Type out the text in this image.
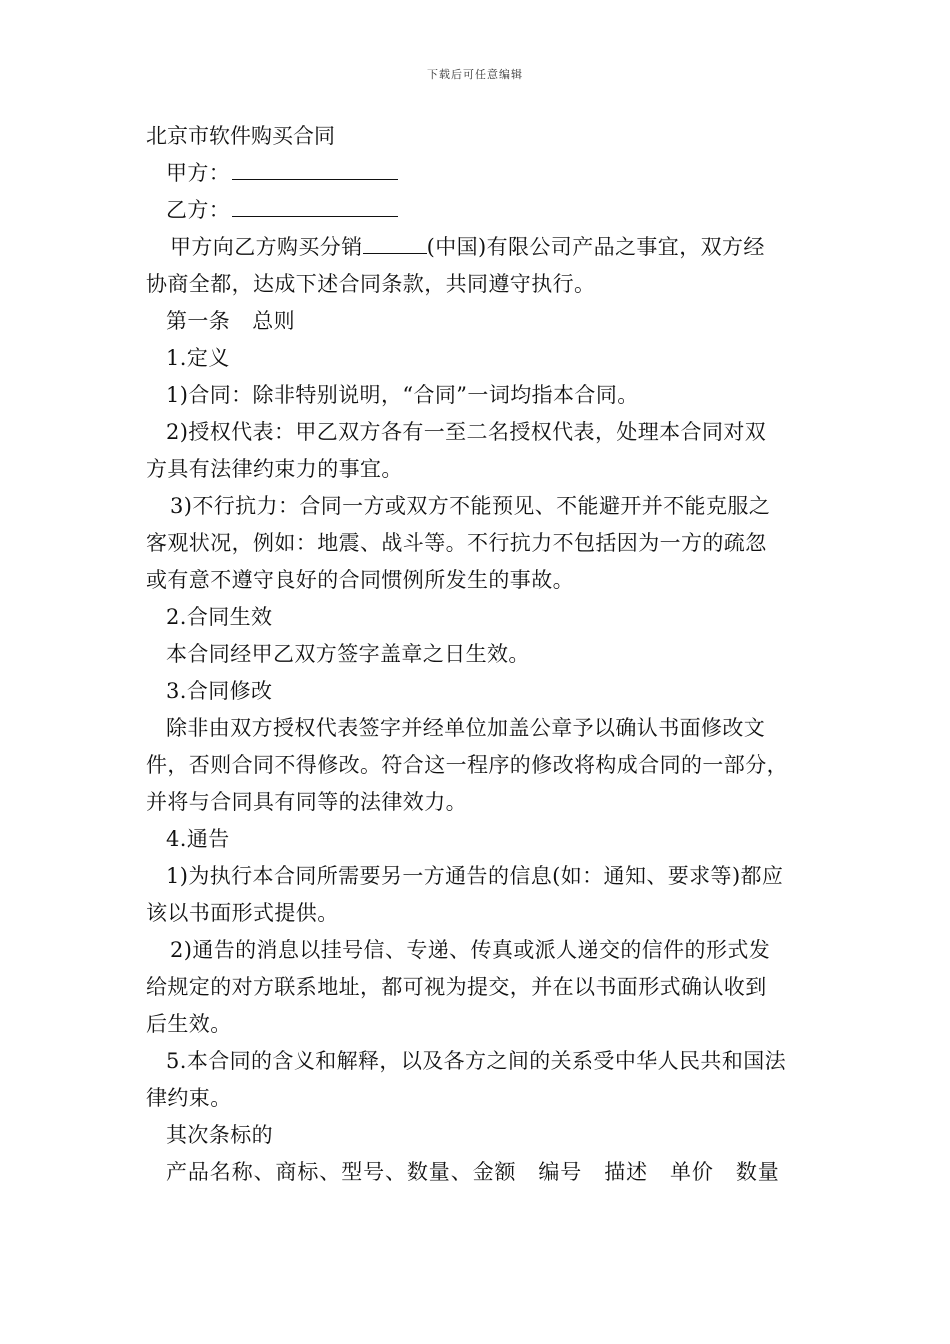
下载后可任意编辑
北京市软件购买合同
甲方：
乙方：
甲方向乙方购买分销	(中国)有限公司产品之事宜，双方经
协商全都，达成下述合同条款，共同遵守执行。
第一条 总则
1.定义
1)合同：除非特别说明，“合同”一词均指本合同。
2)授权代表：甲乙双方各有一至二名授权代表，处理本合同对双
方具有法律约束力的事宜。
3)不行抗力：合同一方或双方不能预见、不能避开并不能克服之
客观状况，例如：地震、战斗等。不行抗力不包括因为一方的疏忽
或有意不遵守良好的合同惯例所发生的事故。
2.合同生效
本合同经甲乙双方签字盖章之日生效。
3.合同修改
除非由双方授权代表签字并经单位加盖公章予以确认书面修改文
件，否则合同不得修改。符合这一程序的修改将构成合同的一部分，
并将与合同具有同等的法律效力。
4.通告
1)为执行本合同所需要另一方通告的信息(如：通知、要求等)都应
该以书面形式提供。
2)通告的消息以挂号信、专递、传真或派人递交的信件的形式发
给规定的对方联系地址，都可视为提交，并在以书面形式确认收到
后生效。
5.本合同的含义和解释，以及各方之间的关系受中华人民共和国法
律约束。
其次条标的
产品名称、商标、型号、数量、金额 编号 描述 单价 数量
